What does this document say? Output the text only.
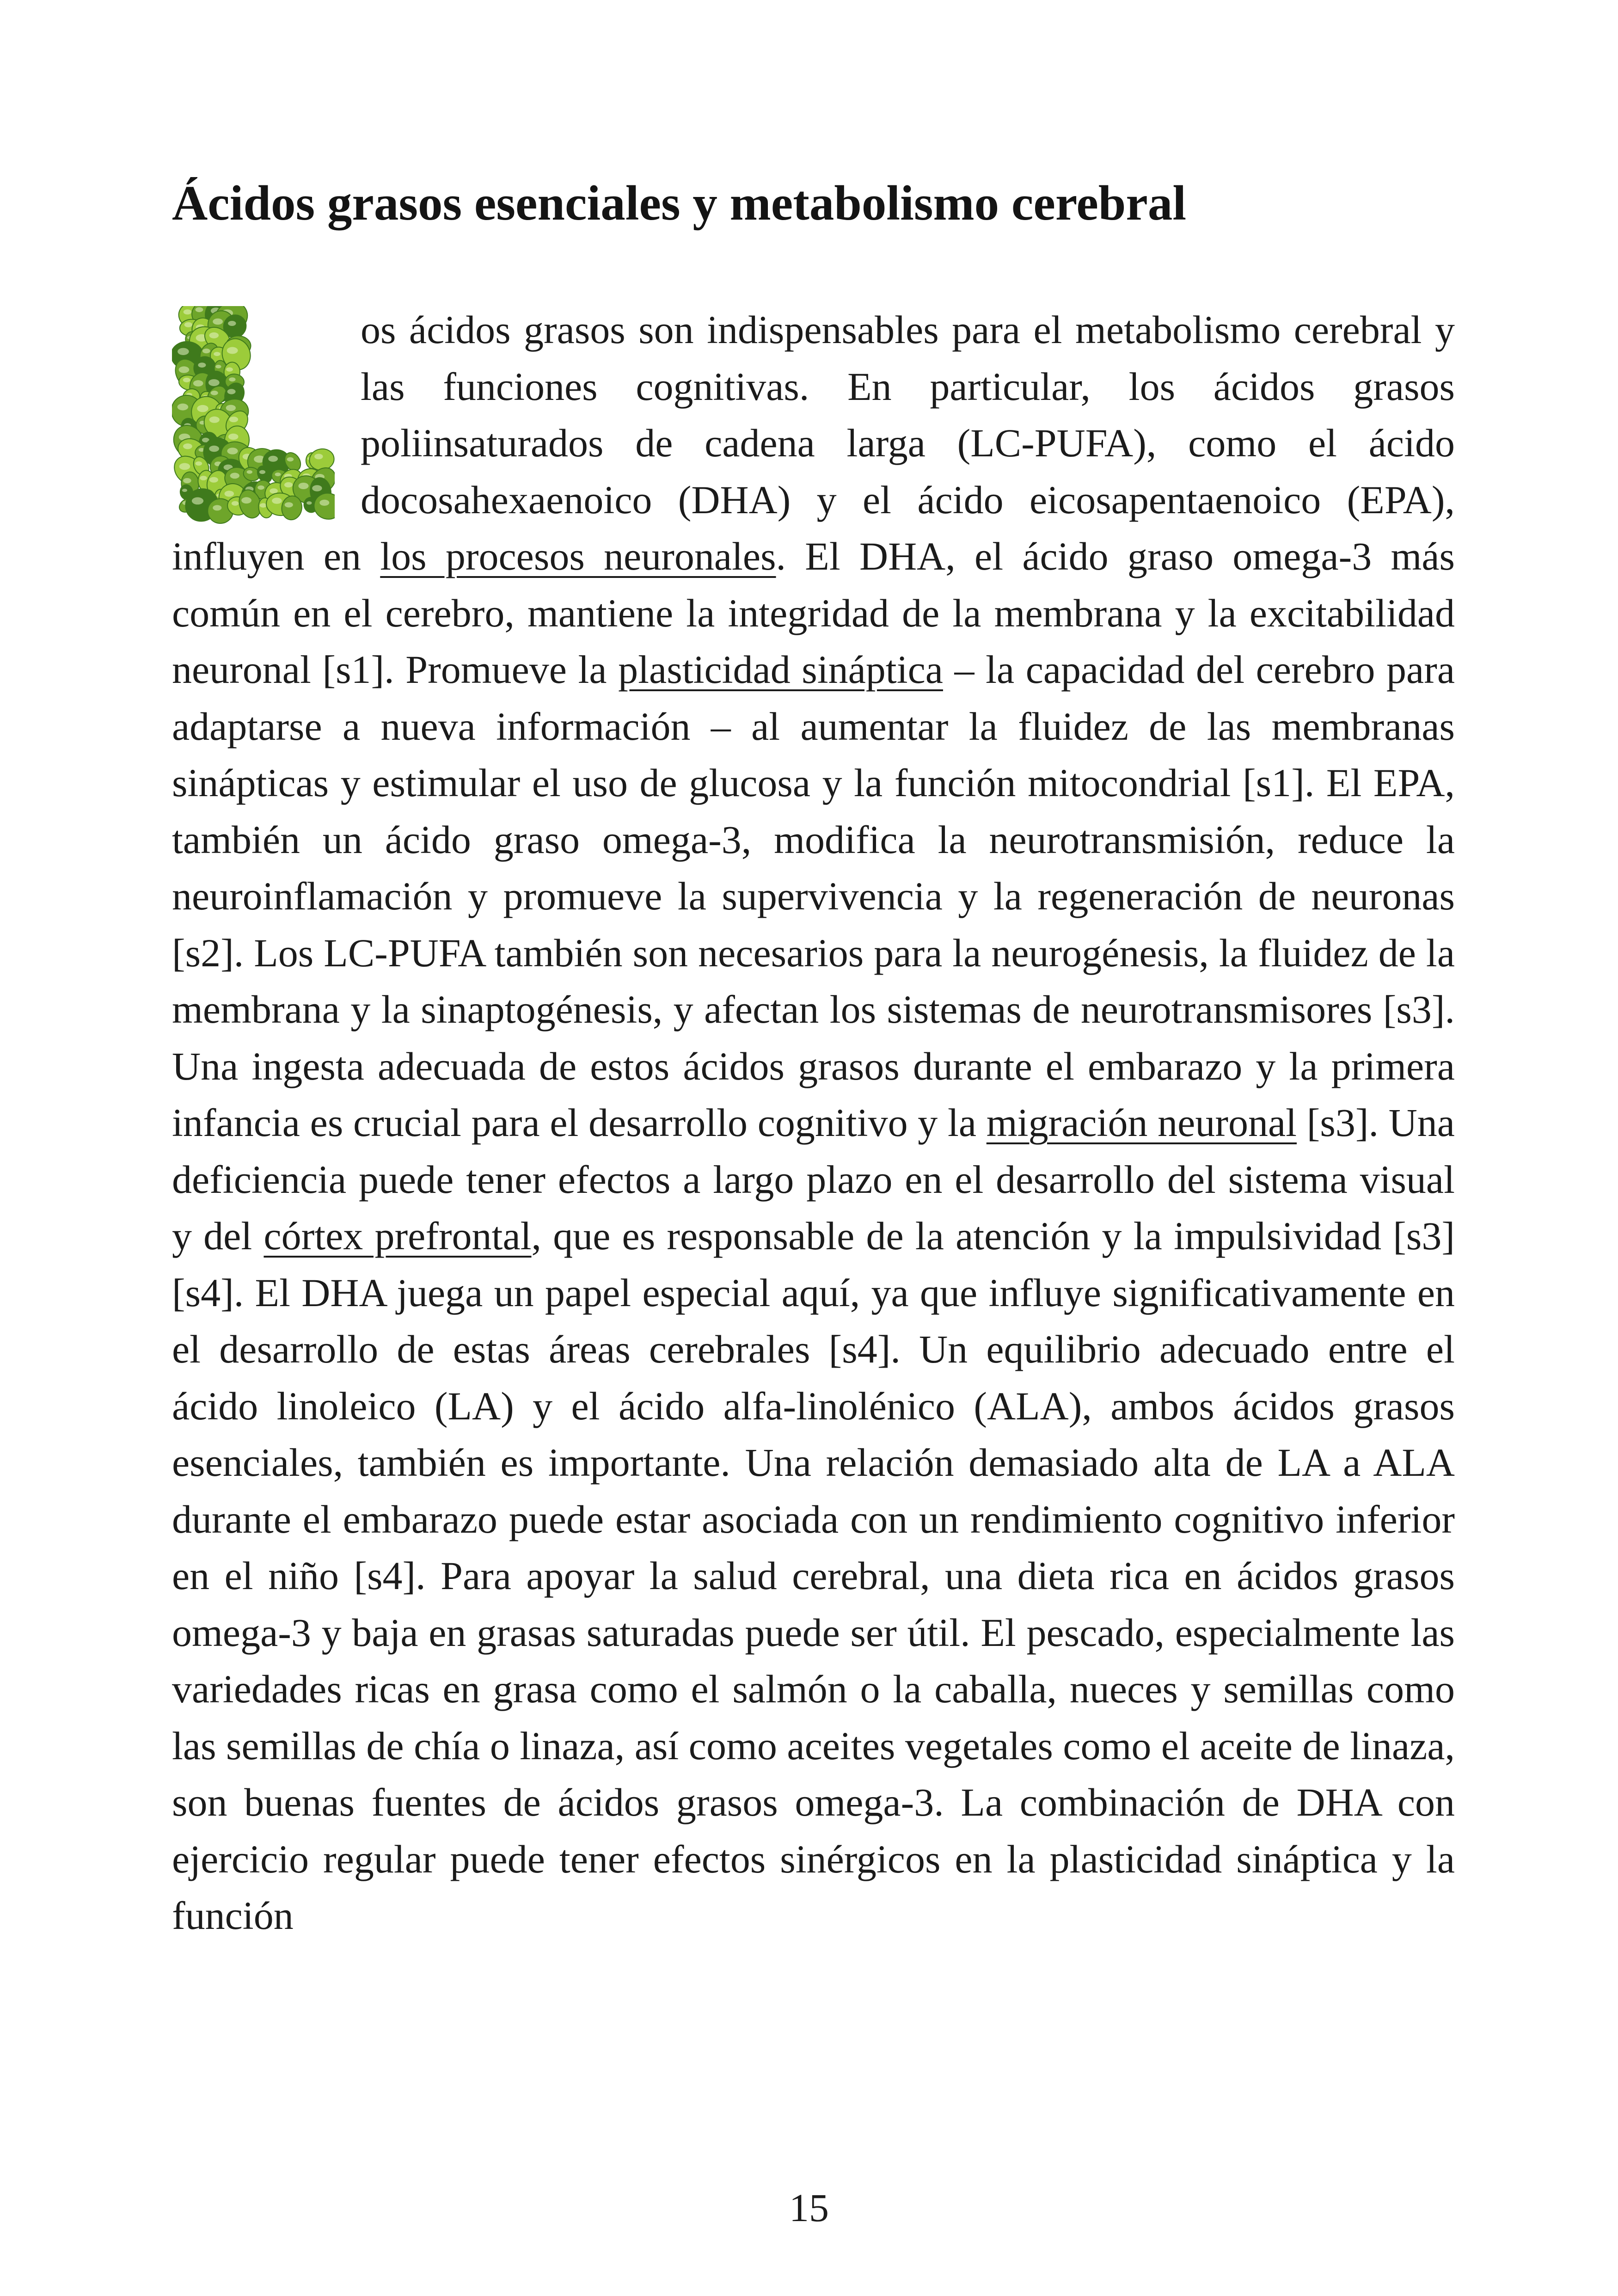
Ácidos grasos esenciales y metabolismo cerebral

os ácidos grasos son indispensables para el metabolismo cerebral y las funciones cognitivas. En particular, los ácidos grasos poliinsaturados de cadena larga (LC-PUFA), como el ácido docosahexaenoico (DHA) y el ácido eicosapentaenoico (EPA), influyen en los procesos neuronales. El DHA, el ácido graso omega-3 más común en el cerebro, mantiene la integridad de la membrana y la excitabilidad neuronal [s1]. Promueve la plasticidad sináptica – la capacidad del cerebro para adaptarse a nueva información – al aumentar la fluidez de las membranas sinápticas y estimular el uso de glucosa y la función mitocondrial [s1]. El EPA, también un ácido graso omega-3, modifica la neurotransmisión, reduce la neuroinflamación y promueve la supervivencia y la regeneración de neuronas [s2]. Los LC-PUFA también son necesarios para la neurogénesis, la fluidez de la membrana y la sinaptogénesis, y afectan los sistemas de neurotransmisores [s3]. Una ingesta adecuada de estos ácidos grasos durante el embarazo y la primera infancia es crucial para el desarrollo cognitivo y la migración neuronal [s3]. Una deficiencia puede tener efectos a largo plazo en el desarrollo del sistema visual y del córtex prefrontal, que es responsable de la atención y la impulsividad [s3] [s4]. El DHA juega un papel especial aquí, ya que influye significativamente en el desarrollo de estas áreas cerebrales [s4]. Un equilibrio adecuado entre el ácido linoleico (LA) y el ácido alfa-linolénico (ALA), ambos ácidos grasos esenciales, también es importante. Una relación demasiado alta de LA a ALA durante el embarazo puede estar asociada con un rendimiento cognitivo inferior en el niño [s4]. Para apoyar la salud cerebral, una dieta rica en ácidos grasos omega-3 y baja en grasas saturadas puede ser útil. El pescado, especialmente las variedades ricas en grasa como el salmón o la caballa, nueces y semillas como las semillas de chía o linaza, así como aceites vegetales como el aceite de linaza, son buenas fuentes de ácidos grasos omega-3. La combinación de DHA con ejercicio regular puede tener efectos sinérgicos en la plasticidad sináptica y la función

15
